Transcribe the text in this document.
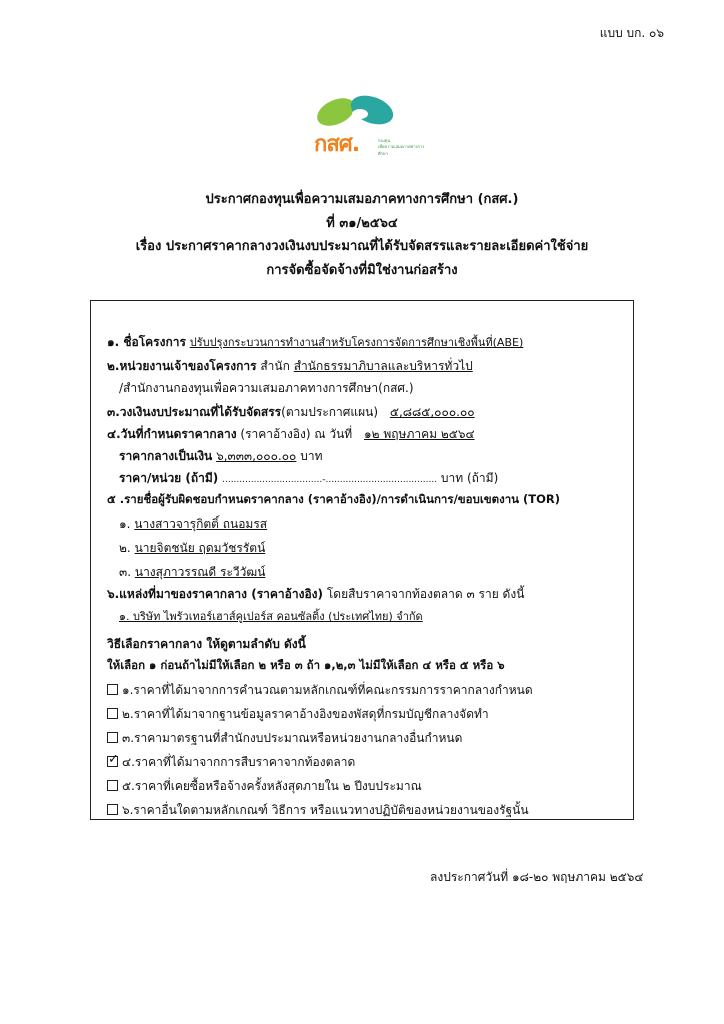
แบบ บก. ๐๖
กสศ.	กองทุน
เพื่อความเสมอภาคทางการศึกษา
ประกาศกองทุนเพื่อความเสมอภาคทางการศึกษา (กสศ.)
ที่ ๓๑/๒๕๖๔
เรื่อง ประกาศราคากลางวงเงินงบประมาณที่ได้รับจัดสรรและรายละเอียดค่าใช้จ่าย
การจัดซื้อจัดจ้างที่มิใช่งานก่อสร้าง
๑. ชื่อโครงการ ปรับปรุงกระบวนการทำงานสำหรับโครงการจัดการศึกษาเชิงพื้นที่(ABE)
๒.หน่วยงานเจ้าของโครงการ สำนัก สำนักธรรมาภิบาลและบริหารทั่วไป
/สำนักงานกองทุนเพื่อความเสมอภาคทางการศึกษา(กสศ.)
๓.วงเงินงบประมาณที่ได้รับจัดสรร(ตามประกาศแผน) ๕,๘๘๕,๐๐๐.๐๐
๔.วันที่กำหนดราคากลาง (ราคาอ้างอิง) ณ วันที่ ๑๒ พฤษภาคม ๒๕๖๔
ราคากลางเป็นเงิน ๖,๓๓๓,๐๐๐.๐๐ บาท
ราคา/หน่วย (ถ้ามี) ...................................-....................................... บาท (ถ้ามี)
๕ .รายชื่อผู้รับผิดชอบกำหนดราคากลาง (ราคาอ้างอิง)/การดำเนินการ/ขอบเขตงาน (TOR)
๑. นางสาวจารุกิตติ์ ถนอมรส
๒. นายจิตชนัย ฤดมวัชรรัตน์
๓. นางสุภาวรรณดี ระวีวัฒน์
๖.แหล่งที่มาของราคากลาง (ราคาอ้างอิง) โดยสืบราคาจากท้องตลาด ๓ ราย ดังนี้
๑. บริษัท ไพรัวเทอร์เฮาส์คูเปอร์ส คอนซัลติ้ง (ประเทศไทย) จำกัด
วิธีเลือกราคากลาง ให้ดูตามลำดับ ดังนี้
ให้เลือก ๑ ก่อนถ้าไม่มีให้เลือก ๒ หรือ ๓ ถ้า ๑,๒,๓ ไม่มีให้เลือก ๔ หรือ ๕ หรือ ๖
๑.ราคาที่ได้มาจากการคำนวณตามหลักเกณฑ์ที่คณะกรรมการราคากลางกำหนด
๒.ราคาที่ได้มาจากฐานข้อมูลราคาอ้างอิงของพัสดุที่กรมบัญชีกลางจัดทำ
๓.ราคามาตรฐานที่สำนักงบประมาณหรือหน่วยงานกลางอื่นกำหนด
✓๔.ราคาที่ได้มาจากการสืบราคาจากท้องตลาด
๕.ราคาที่เคยซื้อหรือจ้างครั้งหลังสุดภายใน ๒ ปีงบประมาณ
๖.ราคาอื่นใดตามหลักเกณฑ์ วิธีการ หรือแนวทางปฏิบัติของหน่วยงานของรัฐนั้น
ลงประกาศวันที่ ๑๘-๒๐ พฤษภาคม ๒๕๖๔
